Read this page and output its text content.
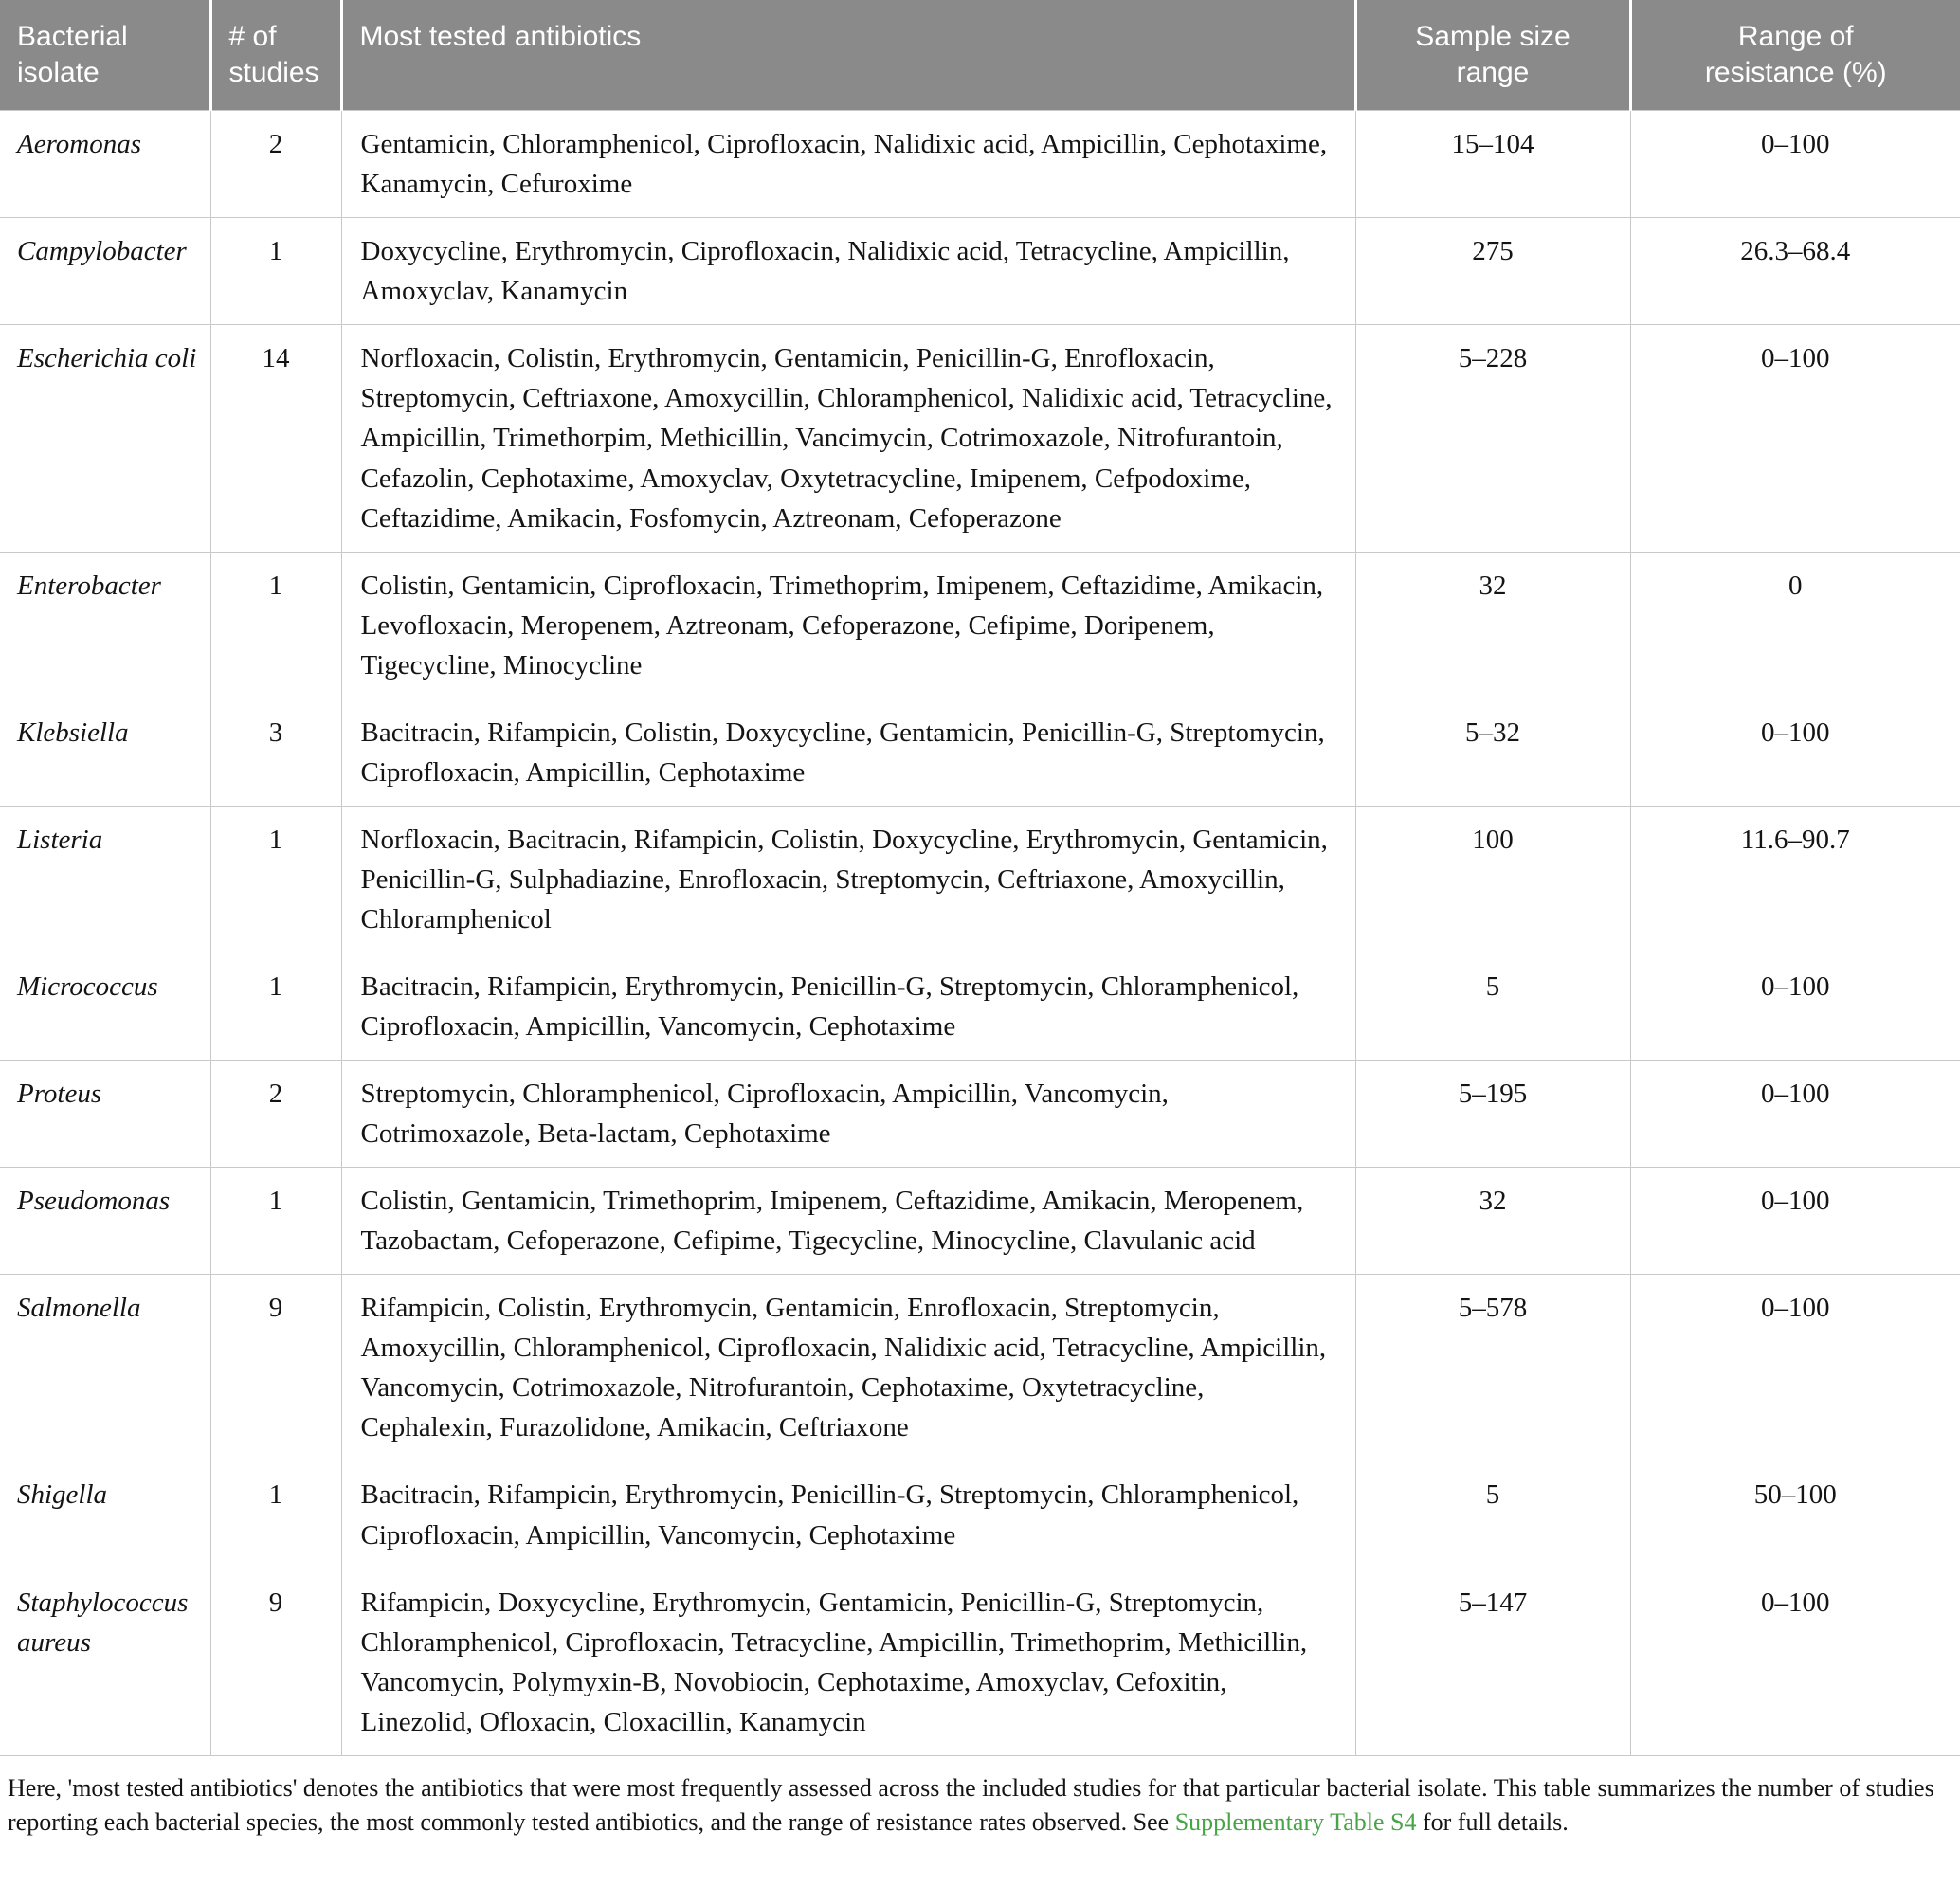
Bacterial isolate	# of studies	Most tested antibiotics	Sample size range	Range of resistance (%)
Aeromonas	2	Gentamicin, Chloramphenicol, Ciprofloxacin, Nalidixic acid, Ampicillin, Cephotaxime, Kanamycin, Cefuroxime	15–104	0–100
Campylobacter	1	Doxycycline, Erythromycin, Ciprofloxacin, Nalidixic acid, Tetracycline, Ampicillin, Amoxyclav, Kanamycin	275	26.3–68.4
Escherichia coli	14	Norfloxacin, Colistin, Erythromycin, Gentamicin, Penicillin-G, Enrofloxacin, Streptomycin, Ceftriaxone, Amoxycillin, Chloramphenicol, Nalidixic acid, Tetracycline, Ampicillin, Trimethorpim, Methicillin, Vancimycin, Cotrimoxazole, Nitrofurantoin, Cefazolin, Cephotaxime, Amoxyclav, Oxytetracycline, Imipenem, Cefpodoxime, Ceftazidime, Amikacin, Fosfomycin, Aztreonam, Cefoperazone	5–228	0–100
Enterobacter	1	Colistin, Gentamicin, Ciprofloxacin, Trimethoprim, Imipenem, Ceftazidime, Amikacin, Levofloxacin, Meropenem, Aztreonam, Cefoperazone, Cefipime, Doripenem, Tigecycline, Minocycline	32	0
Klebsiella	3	Bacitracin, Rifampicin, Colistin, Doxycycline, Gentamicin, Penicillin-G, Streptomycin, Ciprofloxacin, Ampicillin, Cephotaxime	5–32	0–100
Listeria	1	Norfloxacin, Bacitracin, Rifampicin, Colistin, Doxycycline, Erythromycin, Gentamicin, Penicillin-G, Sulphadiazine, Enrofloxacin, Streptomycin, Ceftriaxone, Amoxycillin, Chloramphenicol	100	11.6–90.7
Micrococcus	1	Bacitracin, Rifampicin, Erythromycin, Penicillin-G, Streptomycin, Chloramphenicol, Ciprofloxacin, Ampicillin, Vancomycin, Cephotaxime	5	0–100
Proteus	2	Streptomycin, Chloramphenicol, Ciprofloxacin, Ampicillin, Vancomycin, Cotrimoxazole, Beta-lactam, Cephotaxime	5–195	0–100
Pseudomonas	1	Colistin, Gentamicin, Trimethoprim, Imipenem, Ceftazidime, Amikacin, Meropenem, Tazobactam, Cefoperazone, Cefipime, Tigecycline, Minocycline, Clavulanic acid	32	0–100
Salmonella	9	Rifampicin, Colistin, Erythromycin, Gentamicin, Enrofloxacin, Streptomycin, Amoxycillin, Chloramphenicol, Ciprofloxacin, Nalidixic acid, Tetracycline, Ampicillin, Vancomycin, Cotrimoxazole, Nitrofurantoin, Cephotaxime, Oxytetracycline, Cephalexin, Furazolidone, Amikacin, Ceftriaxone	5–578	0–100
Shigella	1	Bacitracin, Rifampicin, Erythromycin, Penicillin-G, Streptomycin, Chloramphenicol, Ciprofloxacin, Ampicillin, Vancomycin, Cephotaxime	5	50–100
Staphylococcus aureus	9	Rifampicin, Doxycycline, Erythromycin, Gentamicin, Penicillin-G, Streptomycin, Chloramphenicol, Ciprofloxacin, Tetracycline, Ampicillin, Trimethoprim, Methicillin, Vancomycin, Polymyxin-B, Novobiocin, Cephotaxime, Amoxyclav, Cefoxitin, Linezolid, Ofloxacin, Cloxacillin, Kanamycin	5–147	0–100

Here, 'most tested antibiotics' denotes the antibiotics that were most frequently assessed across the included studies for that particular bacterial isolate. This table summarizes the number of studies reporting each bacterial species, the most commonly tested antibiotics, and the range of resistance rates observed. See Supplementary Table S4 for full details.
